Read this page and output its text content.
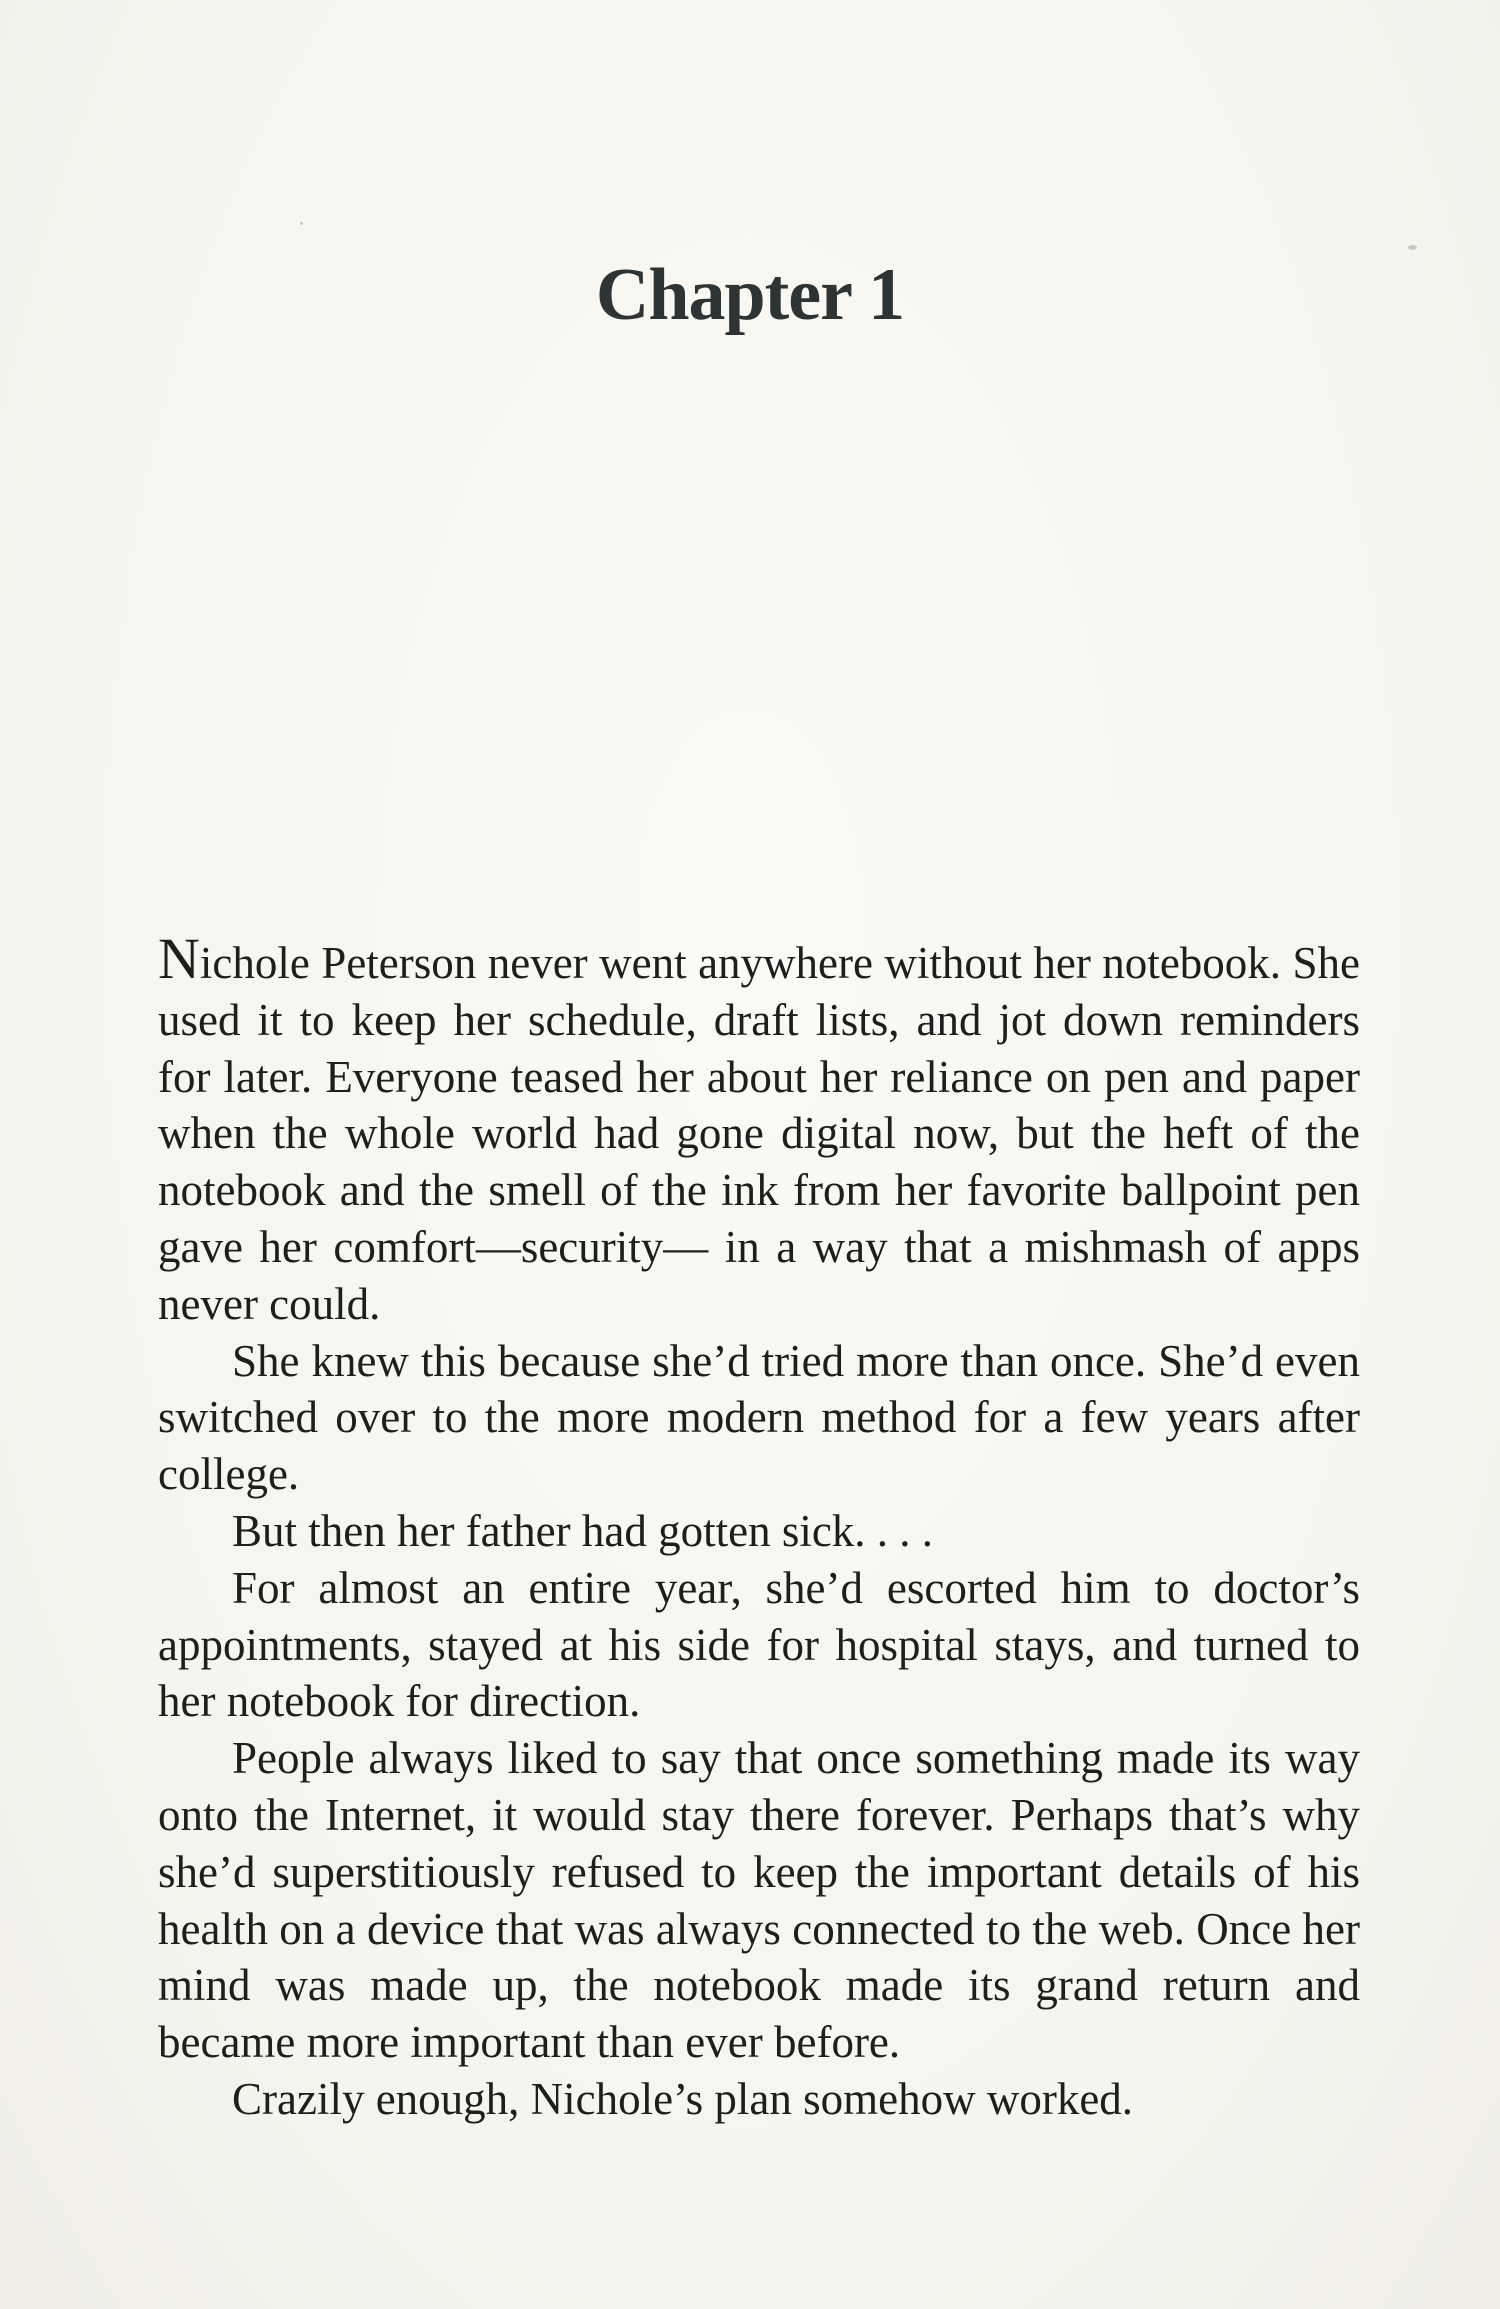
Chapter 1

Nichole Peterson never went anywhere without her notebook. She used it to keep her schedule, draft lists, and jot down reminders for later. Everyone teased her about her reliance on pen and paper when the whole world had gone digital now, but the heft of the notebook and the smell of the ink from her favorite ballpoint pen gave her comfort—security— in a way that a mishmash of apps never could.

She knew this because she’d tried more than once. She’d even switched over to the more modern method for a few years after college.

But then her father had gotten sick. . . .

For almost an entire year, she’d escorted him to doctor’s appointments, stayed at his side for hospital stays, and turned to her notebook for direction.

People always liked to say that once something made its way onto the Internet, it would stay there forever. Perhaps that’s why she’d superstitiously refused to keep the important details of his health on a device that was always connected to the web. Once her mind was made up, the notebook made its grand return and became more important than ever before.

Crazily enough, Nichole’s plan somehow worked.
